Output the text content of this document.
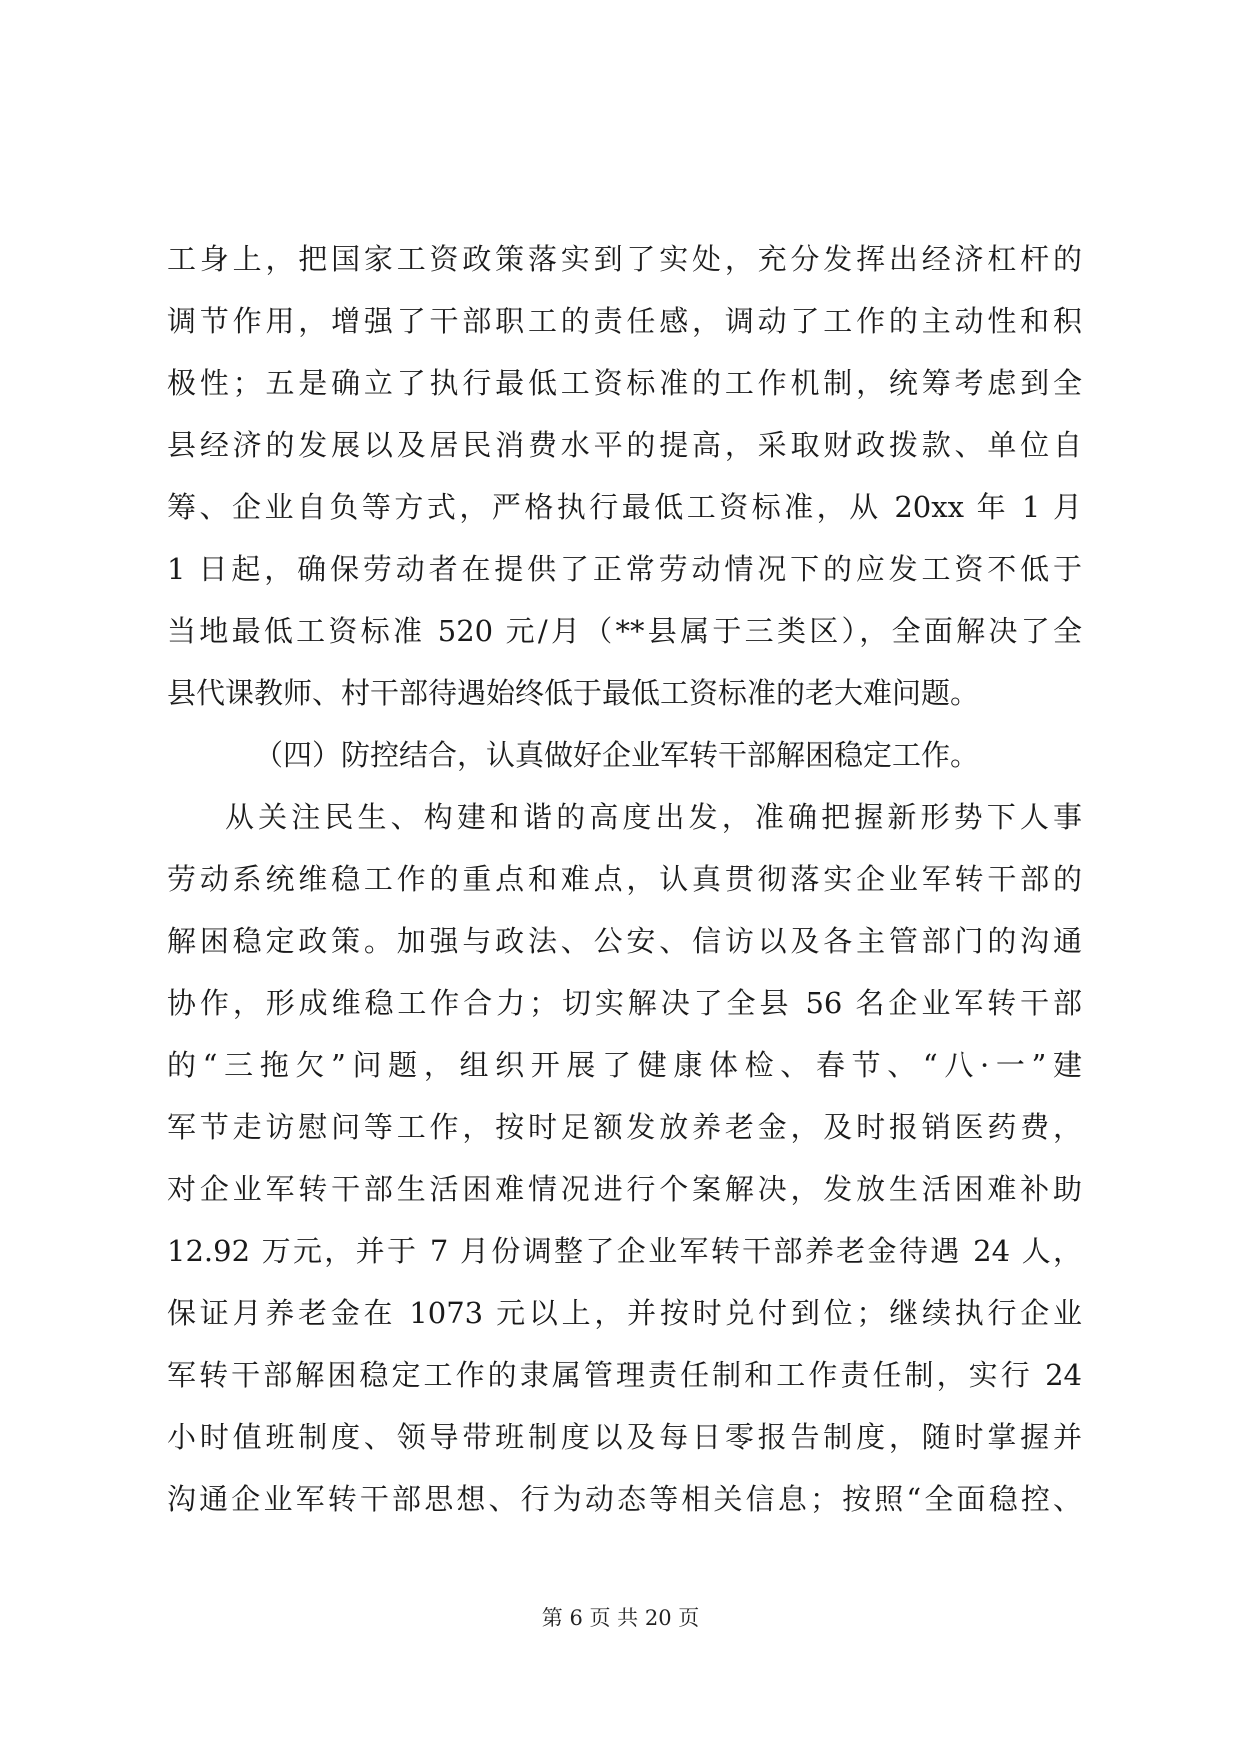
工身上，把国家工资政策落实到了实处，充分发挥出经济杠杆的
调节作用，增强了干部职工的责任感，调动了工作的主动性和积
极性；五是确立了执行最低工资标准的工作机制，统筹考虑到全
县经济的发展以及居民消费水平的提高，采取财政拨款、单位自
筹、企业自负等方式，严格执行最低工资标准，从 20xx 年 1 月
1 日起，确保劳动者在提供了正常劳动情况下的应发工资不低于
当地最低工资标准 520 元/月（**县属于三类区），全面解决了全
县代课教师、村干部待遇始终低于最低工资标准的老大难问题。
（四）防控结合，认真做好企业军转干部解困稳定工作。
从关注民生、构建和谐的高度出发，准确把握新形势下人事
劳动系统维稳工作的重点和难点，认真贯彻落实企业军转干部的
解困稳定政策。加强与政法、公安、信访以及各主管部门的沟通
协作，形成维稳工作合力；切实解决了全县 56 名企业军转干部
的“三拖欠”问题，组织开展了健康体检、春节、“八·一”建
军节走访慰问等工作，按时足额发放养老金，及时报销医药费，
对企业军转干部生活困难情况进行个案解决，发放生活困难补助
12.92 万元，并于 7 月份调整了企业军转干部养老金待遇 24 人，
保证月养老金在 1073 元以上，并按时兑付到位；继续执行企业
军转干部解困稳定工作的隶属管理责任制和工作责任制，实行 24
小时值班制度、领导带班制度以及每日零报告制度，随时掌握并
沟通企业军转干部思想、行为动态等相关信息；按照“全面稳控、
第 6 页 共 20 页
